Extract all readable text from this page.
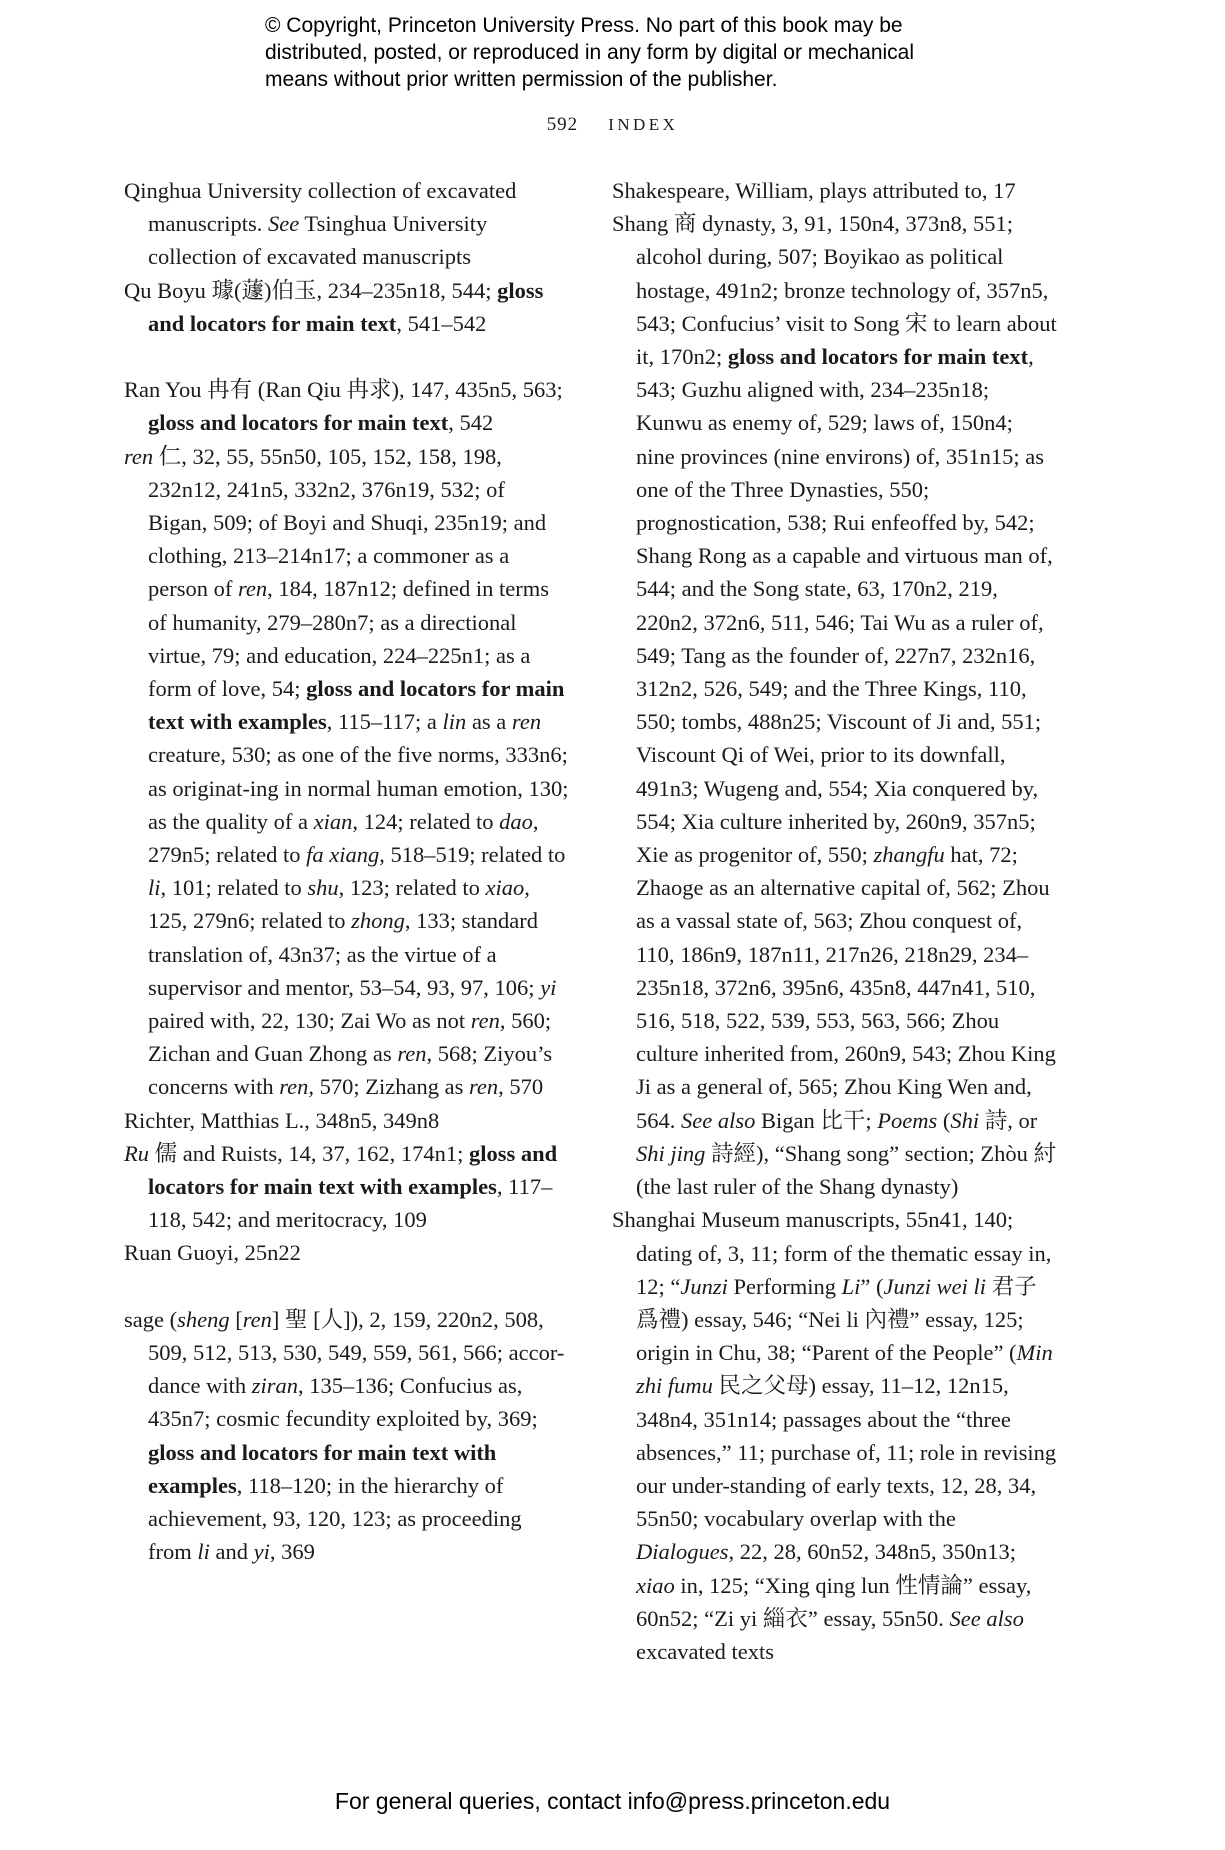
© Copyright, Princeton University Press. No part of this book may be
distributed, posted, or reproduced in any form by digital or mechanical
means without prior written permission of the publisher.
592 INDEX
Qinghua University collection of excavated manuscripts. See Tsinghua University collection of excavated manuscripts
Qu Boyu 璩(蘧)伯玉, 234–235n18, 544; gloss and locators for main text, 541–542
Ran You 冉有 (Ran Qiu 冉求), 147, 435n5, 563; gloss and locators for main text, 542
ren 仁, 32, 55, 55n50, 105, 152, 158, 198, 232n12, 241n5, 332n2, 376n19, 532; of Bigan, 509; of Boyi and Shuqi, 235n19; and clothing, 213–214n17; a commoner as a person of ren, 184, 187n12; defined in terms of humanity, 279–280n7; as a directional virtue, 79; and education, 224–225n1; as a form of love, 54; gloss and locators for main text with examples, 115–117; a lin as a ren creature, 530; as one of the five norms, 333n6; as originat-ing in normal human emotion, 130; as the quality of a xian, 124; related to dao, 279n5; related to fa xiang, 518–519; related to li, 101; related to shu, 123; related to xiao, 125, 279n6; related to zhong, 133; standard translation of, 43n37; as the virtue of a supervisor and mentor, 53–54, 93, 97, 106; yi paired with, 22, 130; Zai Wo as not ren, 560; Zichan and Guan Zhong as ren, 568; Ziyou’s concerns with ren, 570; Zizhang as ren, 570
Richter, Matthias L., 348n5, 349n8
Ru 儒 and Ruists, 14, 37, 162, 174n1; gloss and locators for main text with examples, 117–118, 542; and meritocracy, 109
Ruan Guoyi, 25n22
sage (sheng [ren] 聖 [人]), 2, 159, 220n2, 508, 509, 512, 513, 530, 549, 559, 561, 566; accor-dance with ziran, 135–136; Confucius as, 435n7; cosmic fecundity exploited by, 369; gloss and locators for main text with examples, 118–120; in the hierarchy of achievement, 93, 120, 123; as proceeding from li and yi, 369
Shakespeare, William, plays attributed to, 17
Shang 商 dynasty, 3, 91, 150n4, 373n8, 551; alcohol during, 507; Boyikao as political hostage, 491n2; bronze technology of, 357n5, 543; Confucius’ visit to Song 宋 to learn about it, 170n2; gloss and locators for main text, 543; Guzhu aligned with, 234–235n18; Kunwu as enemy of, 529; laws of, 150n4; nine provinces (nine environs) of, 351n15; as one of the Three Dynasties, 550; prognostication, 538; Rui enfeoffed by, 542; Shang Rong as a capable and virtuous man of, 544; and the Song state, 63, 170n2, 219, 220n2, 372n6, 511, 546; Tai Wu as a ruler of, 549; Tang as the founder of, 227n7, 232n16, 312n2, 526, 549; and the Three Kings, 110, 550; tombs, 488n25; Viscount of Ji and, 551; Viscount Qi of Wei, prior to its downfall, 491n3; Wugeng and, 554; Xia conquered by, 554; Xia culture inherited by, 260n9, 357n5; Xie as progenitor of, 550; zhangfu hat, 72; Zhaoge as an alternative capital of, 562; Zhou as a vassal state of, 563; Zhou conquest of, 110, 186n9, 187n11, 217n26, 218n29, 234–235n18, 372n6, 395n6, 435n8, 447n41, 510, 516, 518, 522, 539, 553, 563, 566; Zhou culture inherited from, 260n9, 543; Zhou King Ji as a general of, 565; Zhou King Wen and, 564. See also Bigan 比干; Poems (Shi 詩, or Shi jing 詩經), “Shang song” section; Zhòu 紂 (the last ruler of the Shang dynasty)
Shanghai Museum manuscripts, 55n41, 140; dating of, 3, 11; form of the thematic essay in, 12; “Junzi Performing Li” (Junzi wei li 君子爲禮) essay, 546; “Nei li 內禮” essay, 125; origin in Chu, 38; “Parent of the People” (Min zhi fumu 民之父母) essay, 11–12, 12n15, 348n4, 351n14; passages about the “three absences,” 11; purchase of, 11; role in revising our under-standing of early texts, 12, 28, 34, 55n50; vocabulary overlap with the Dialogues, 22, 28, 60n52, 348n5, 350n13; xiao in, 125; “Xing qing lun 性情論” essay, 60n52; “Zi yi 緇衣” essay, 55n50. See also excavated texts
For general queries, contact info@press.princeton.edu
